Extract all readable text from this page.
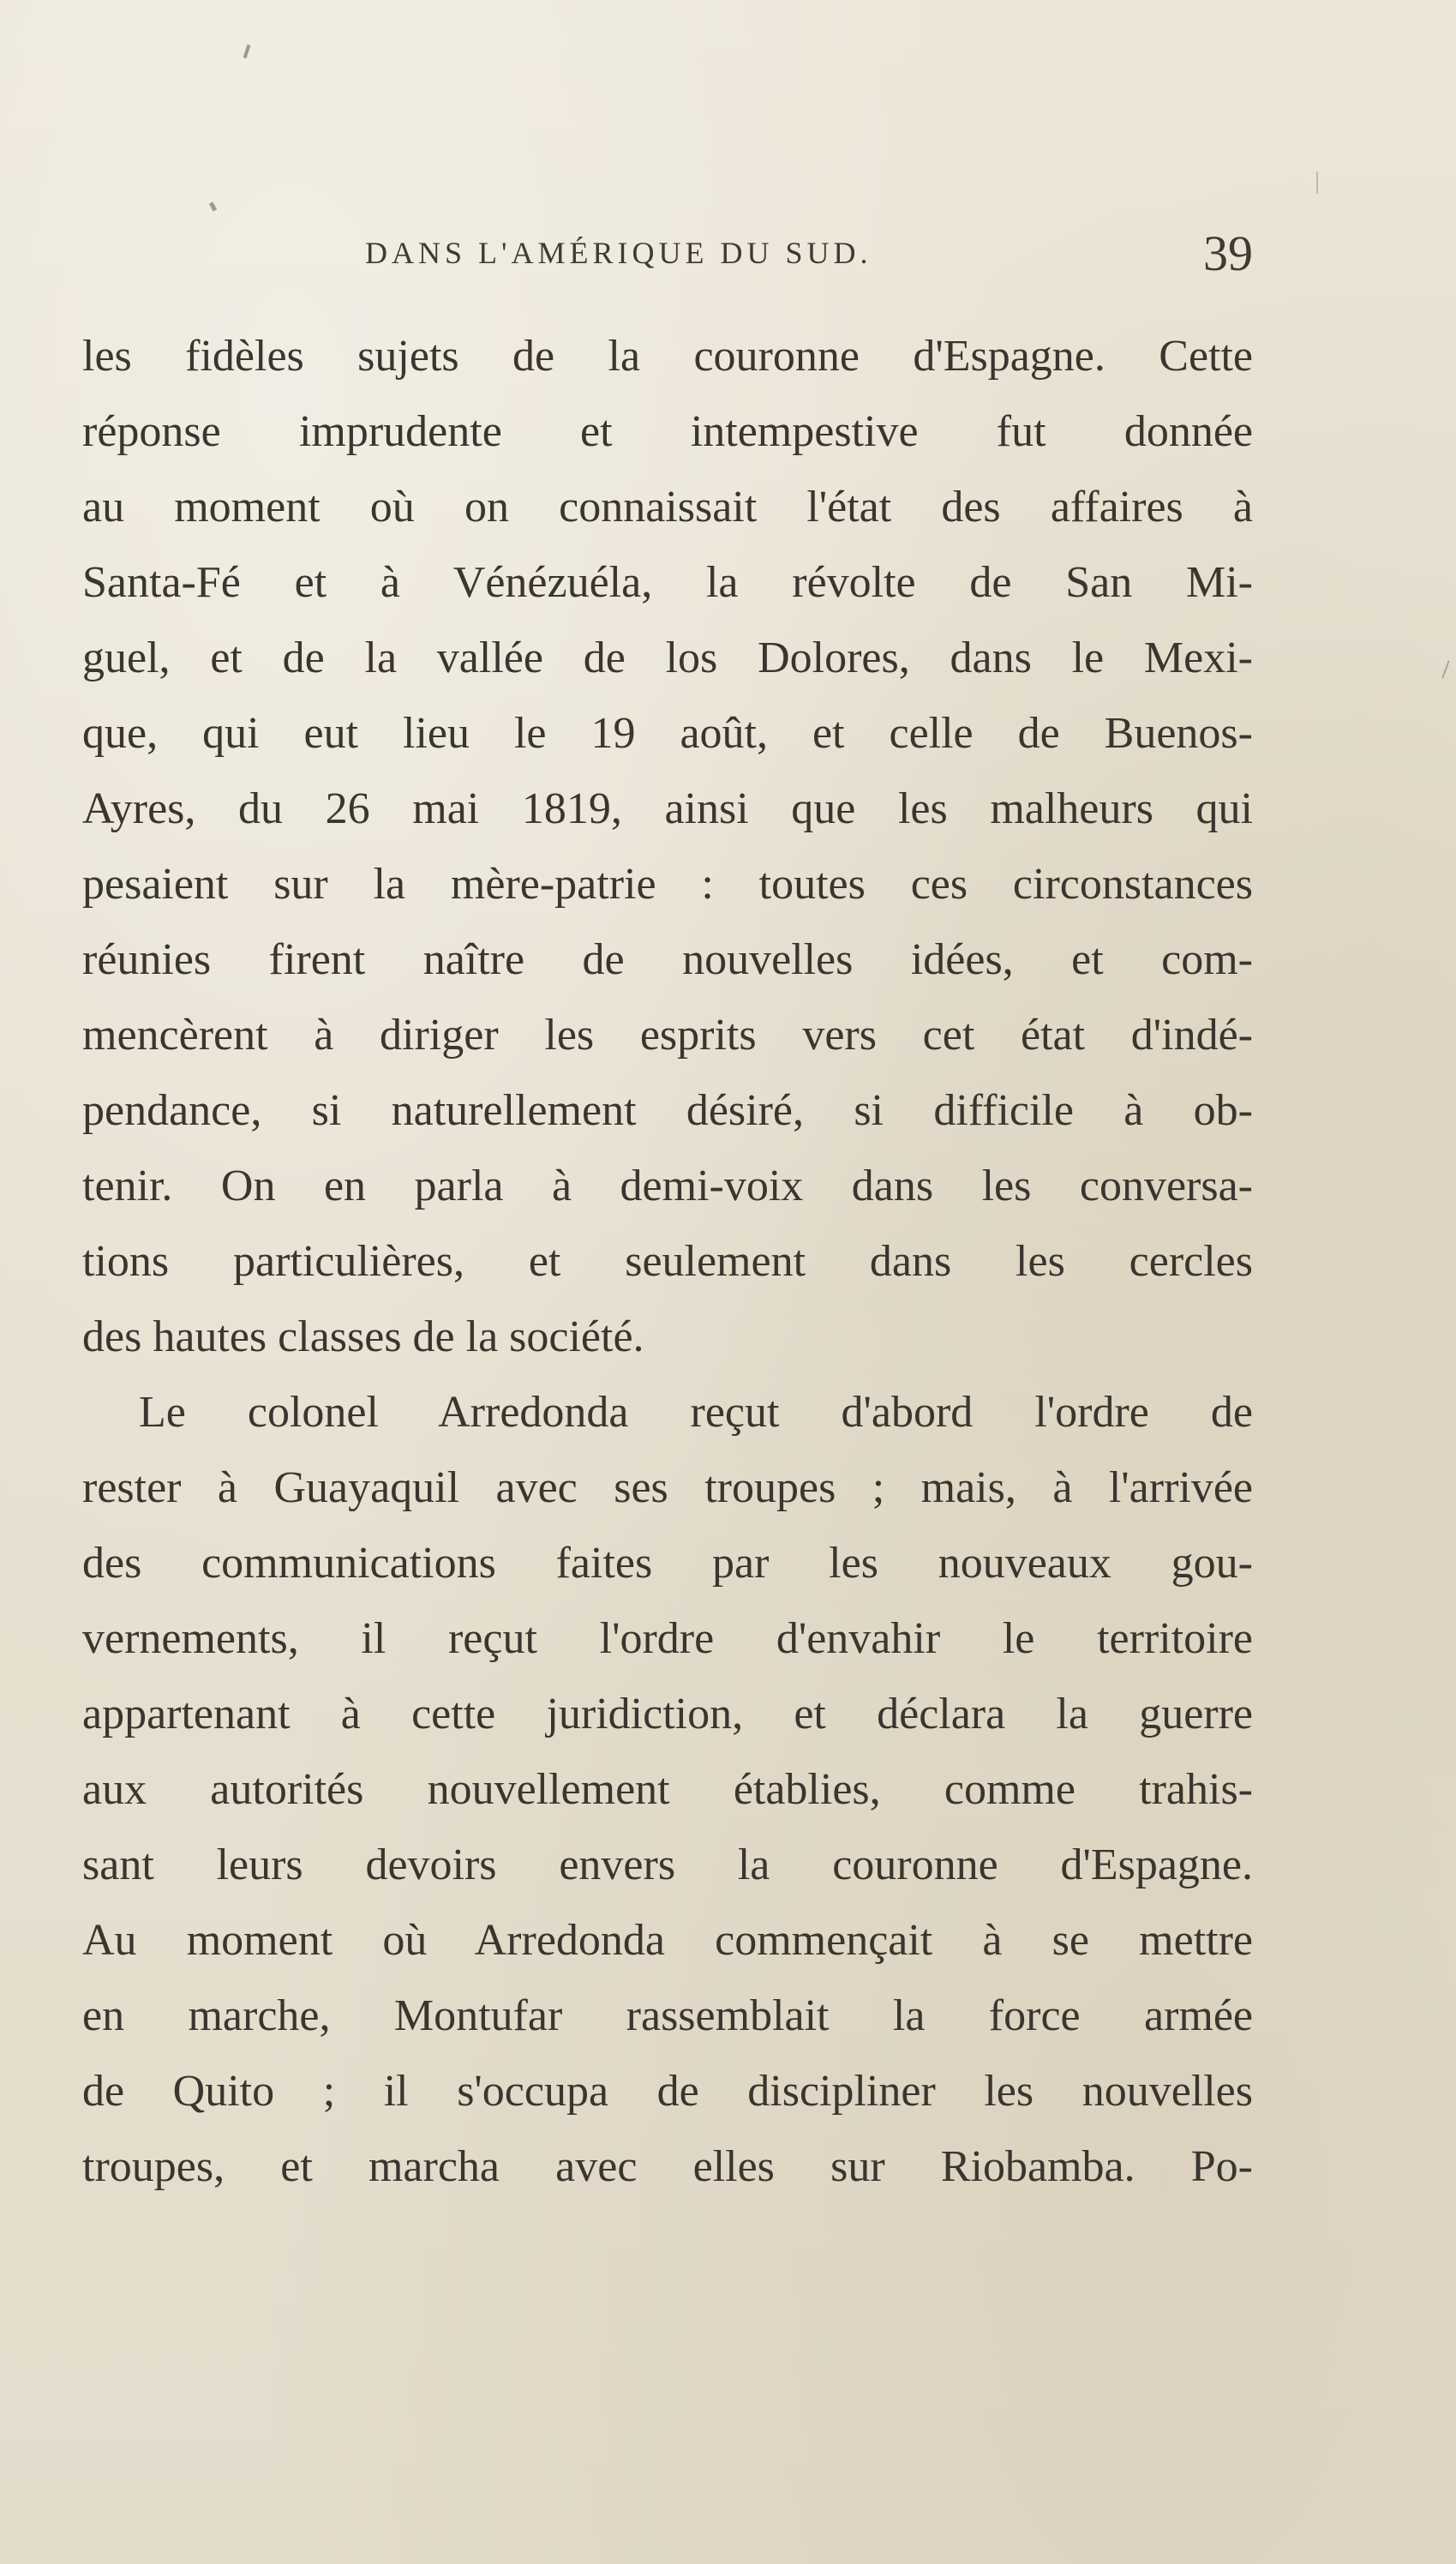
DANS L'AMÉRIQUE DU SUD.	39
les fidèles sujets de la couronne d'Espagne. Cette
réponse imprudente et intempestive fut donnée
au moment où on connaissait l'état des affaires à
Santa-Fé et à Vénézuéla, la révolte de San Mi-
guel, et de la vallée de los Dolores, dans le Mexi-
que, qui eut lieu le 19 août, et celle de Buenos-
Ayres, du 26 mai 1819, ainsi que les malheurs qui
pesaient sur la mère-patrie : toutes ces circonstances
réunies firent naître de nouvelles idées, et com-
mencèrent à diriger les esprits vers cet état d'indé-
pendance, si naturellement désiré, si difficile à ob-
tenir. On en parla à demi-voix dans les conversa-
tions particulières, et seulement dans les cercles
des hautes classes de la société.
Le colonel Arredonda reçut d'abord l'ordre de
rester à Guayaquil avec ses troupes ; mais, à l'arrivée
des communications faites par les nouveaux gou-
vernements, il reçut l'ordre d'envahir le territoire
appartenant à cette juridiction, et déclara la guerre
aux autorités nouvellement établies, comme trahis-
sant leurs devoirs envers la couronne d'Espagne.
Au moment où Arredonda commençait à se mettre
en marche, Montufar rassemblait la force armée
de Quito ; il s'occupa de discipliner les nouvelles
troupes, et marcha avec elles sur Riobamba. Po-
